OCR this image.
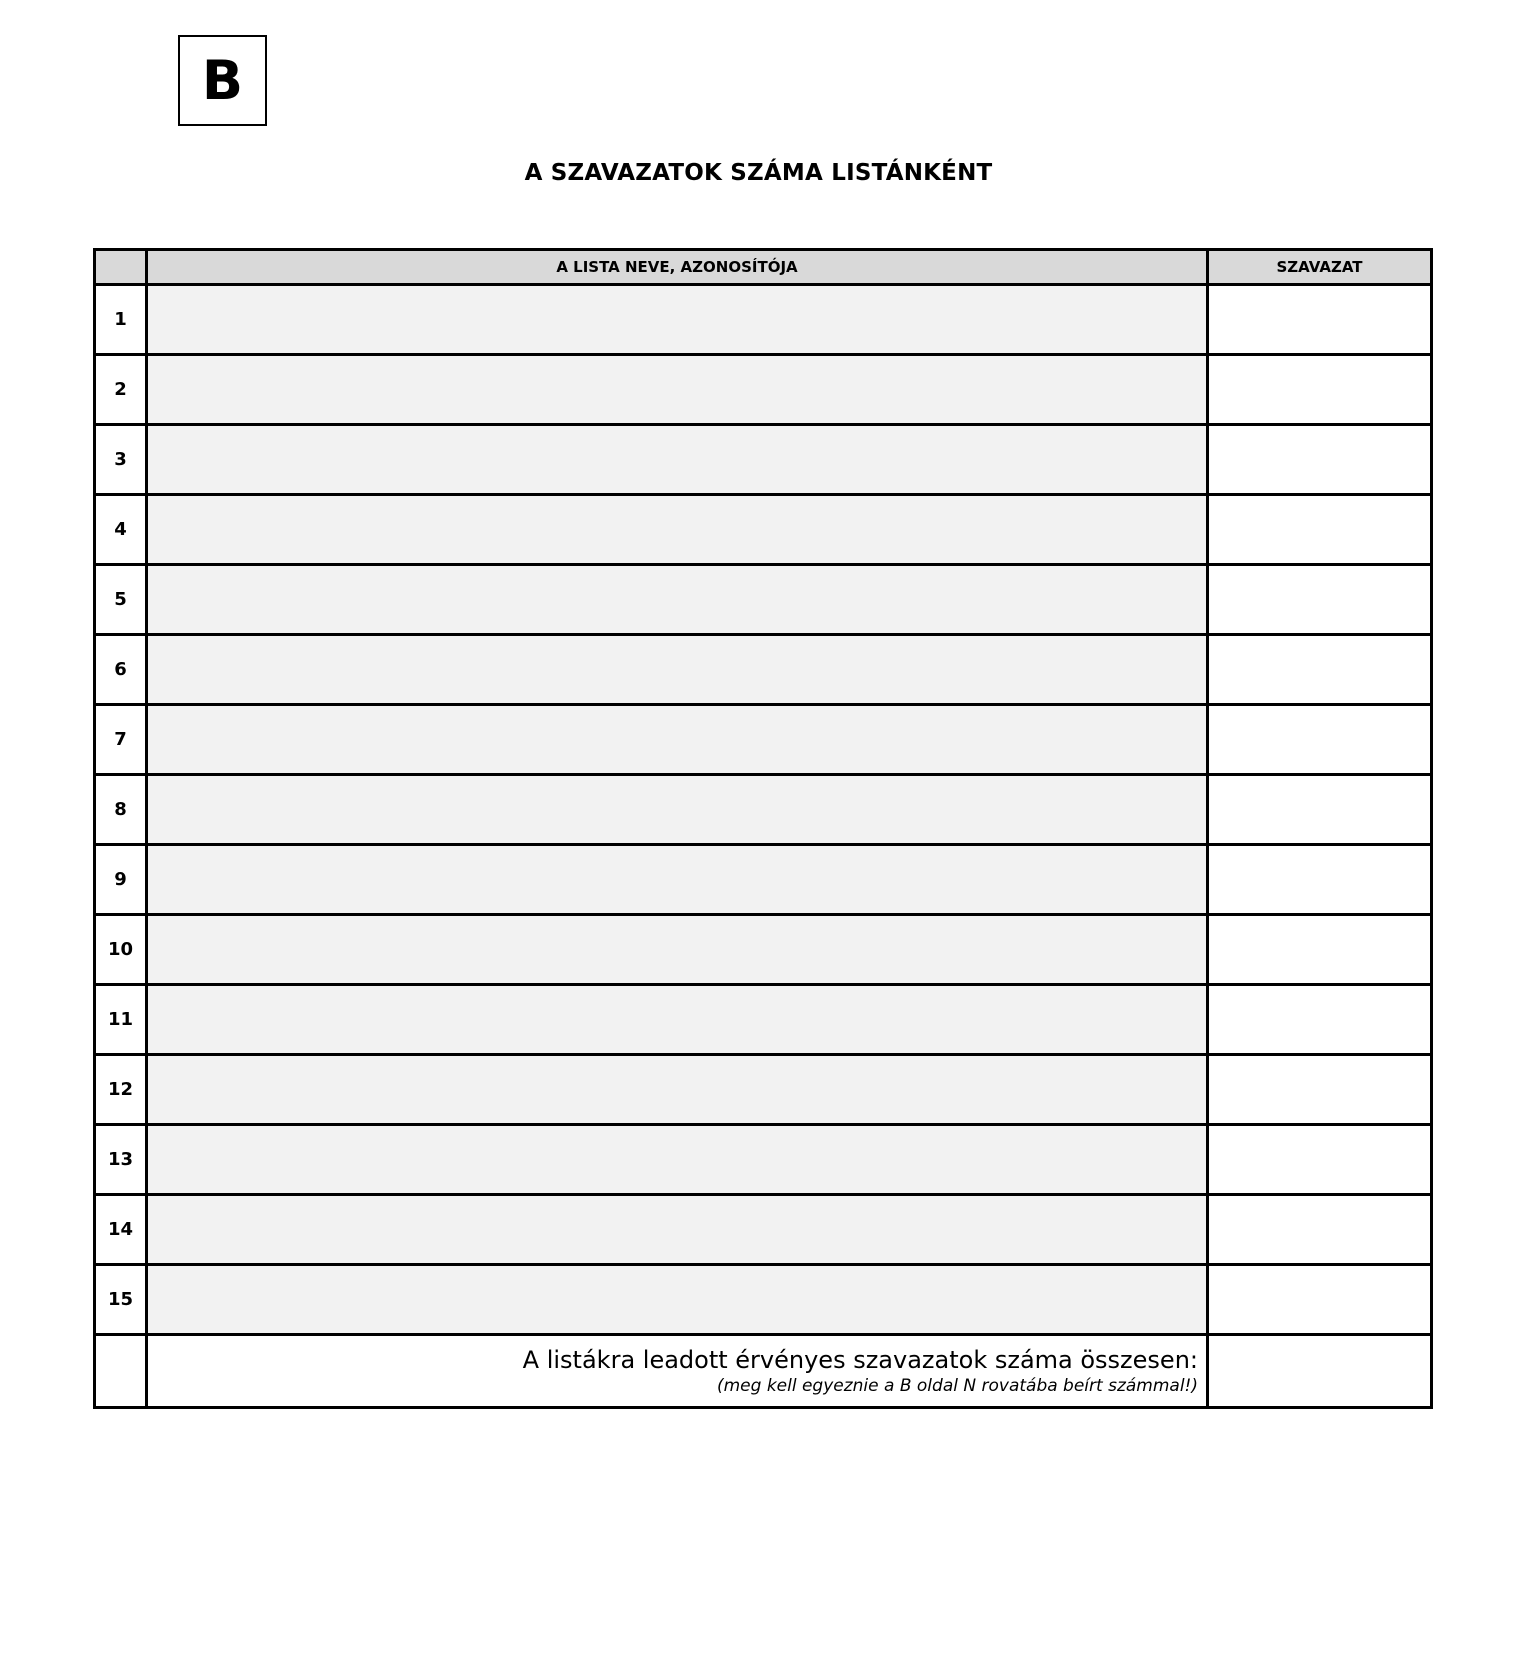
B
A SZAVAZATOK SZÁMA LISTÁNKÉNT
	A LISTA NEVE, AZONOSÍTÓJA	SZAVAZAT
1		
2		
3		
4		
5		
6		
7		
8		
9		
10		
11		
12		
13		
14		
15		

	A listákra leadott érvényes szavazatok száma összesen:
(meg kell egyeznie a B oldal N rovatába beírt számmal!)	
